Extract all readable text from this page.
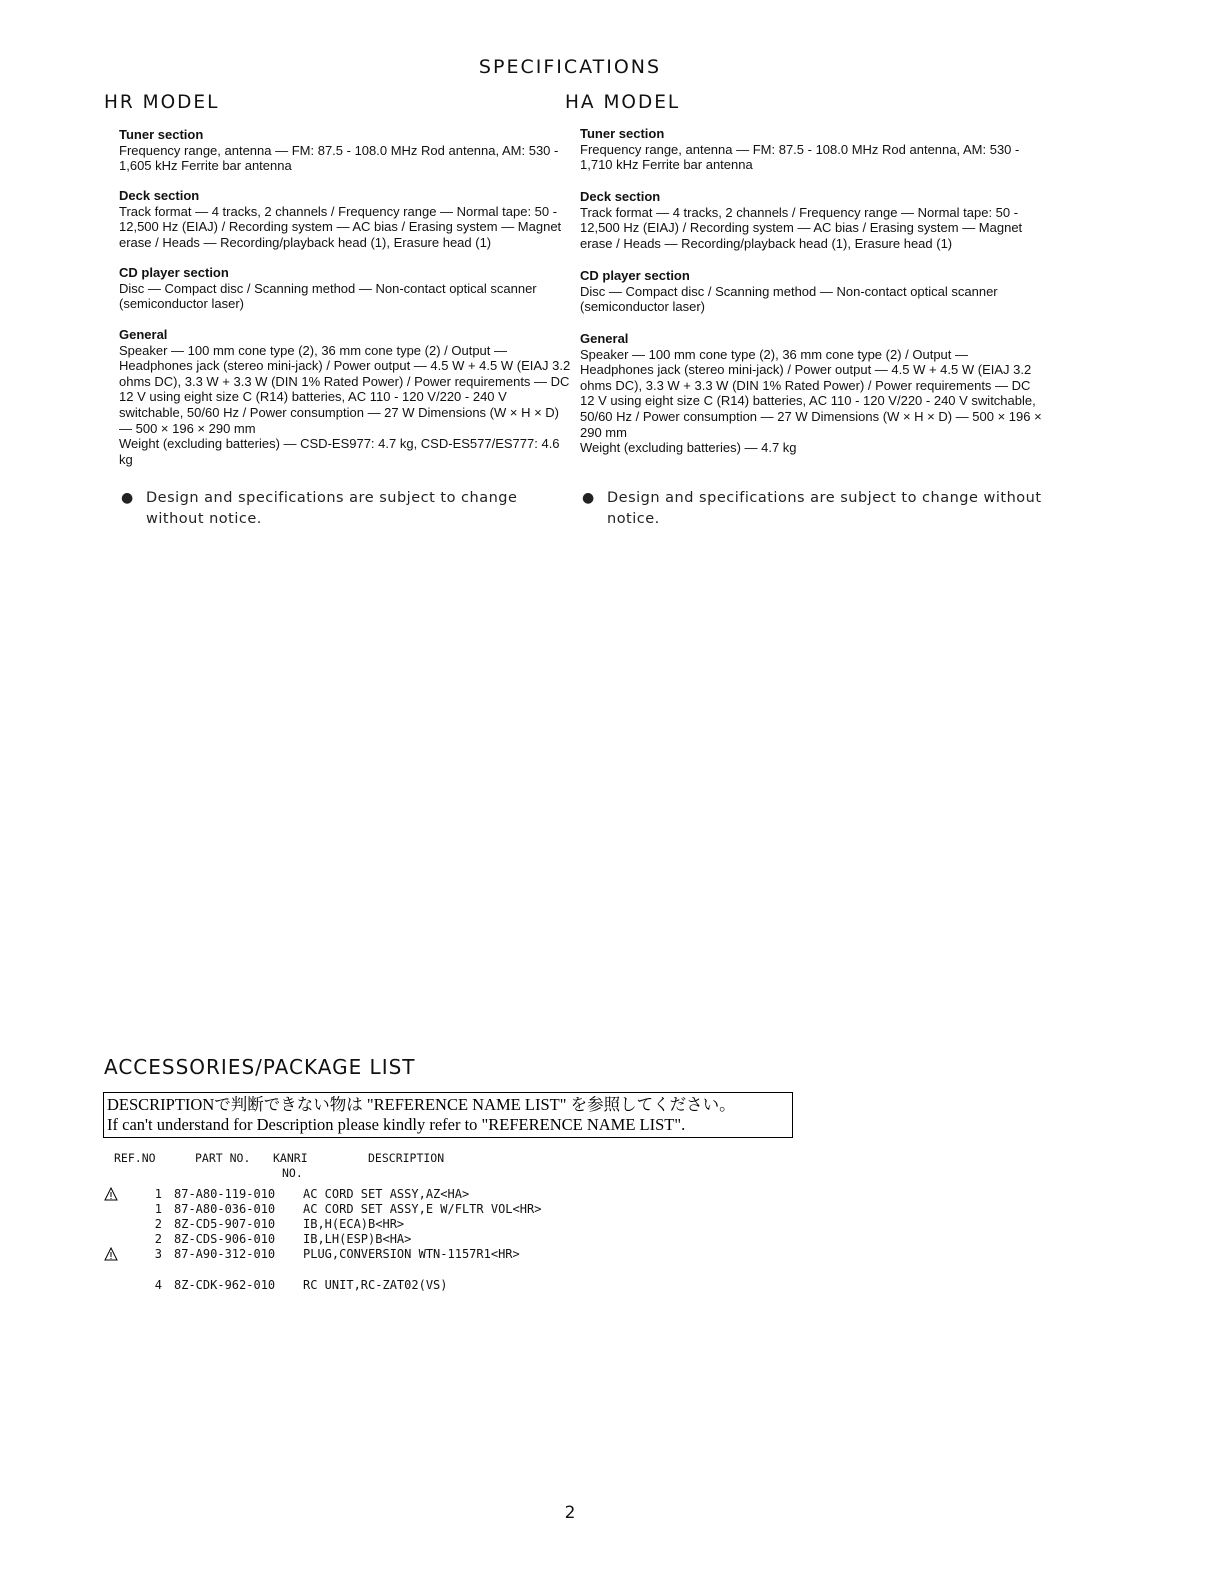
SPECIFICATIONS
HR MODEL
Tuner section
Frequency range, antenna — FM: 87.5 - 108.0 MHz Rod antenna, AM: 530 - 1,605 kHz Ferrite bar antenna
Deck section
Track format — 4 tracks, 2 channels / Frequency range — Normal tape: 50 - 12,500 Hz (EIAJ) / Recording system — AC bias / Erasing system — Magnet erase / Heads — Recording/playback head (1), Erasure head (1)
CD player section
Disc — Compact disc / Scanning method — Non-contact optical scanner (semiconductor laser)
General
Speaker — 100 mm cone type (2), 36 mm cone type (2) / Output — Headphones jack (stereo mini-jack) / Power output — 4.5 W + 4.5 W (EIAJ 3.2 ohms DC), 3.3 W + 3.3 W (DIN 1% Rated Power) / Power requirements — DC 12 V using eight size C (R14) batteries, AC 110 - 120 V/220 - 240 V switchable, 50/60 Hz / Power consumption — 27 W Dimensions (W × H × D) — 500 × 196 × 290 mm
Weight (excluding batteries) — CSD-ES977: 4.7 kg, CSD-ES577/ES777: 4.6 kg
● Design and specifications are subject to change without notice.
HA MODEL
Tuner section
Frequency range, antenna — FM: 87.5 - 108.0 MHz Rod antenna, AM: 530 - 1,710 kHz Ferrite bar antenna
Deck section
Track format — 4 tracks, 2 channels / Frequency range — Normal tape: 50 - 12,500 Hz (EIAJ) / Recording system — AC bias / Erasing system — Magnet erase / Heads — Recording/playback head (1), Erasure head (1)
CD player section
Disc — Compact disc / Scanning method — Non-contact optical scanner (semiconductor laser)
General
Speaker — 100 mm cone type (2), 36 mm cone type (2) / Output — Headphones jack (stereo mini-jack) / Power output — 4.5 W + 4.5 W (EIAJ 3.2 ohms DC), 3.3 W + 3.3 W (DIN 1% Rated Power) / Power requirements — DC 12 V using eight size C (R14) batteries, AC 110 - 120 V/220 - 240 V switchable, 50/60 Hz / Power consumption — 27 W Dimensions (W × H × D) — 500 × 196 × 290 mm
Weight (excluding batteries) — 4.7 kg
● Design and specifications are subject to change without notice.
ACCESSORIES/PACKAGE LIST
DESCRIPTIONで判断できない物は "REFERENCE NAME LIST" を参照してください。
If can't understand for Description please kindly refer to "REFERENCE NAME LIST".
REF.NO	PART NO. KANRI
NO.
DESCRIPTION
1 87-A80-119-010 AC CORD SET ASSY,AZ<HA>
1 87-A80-036-010 AC CORD SET ASSY,E W/FLTR VOL<HR>
2 8Z-CD5-907-010 IB,H(ECA)B<HR>
2 8Z-CDS-906-010 IB,LH(ESP)B<HA>
3 87-A90-312-010 PLUG,CONVERSION WTN-1157R1<HR>
4 8Z-CDK-962-010 RC UNIT,RC-ZAT02(VS)
2
